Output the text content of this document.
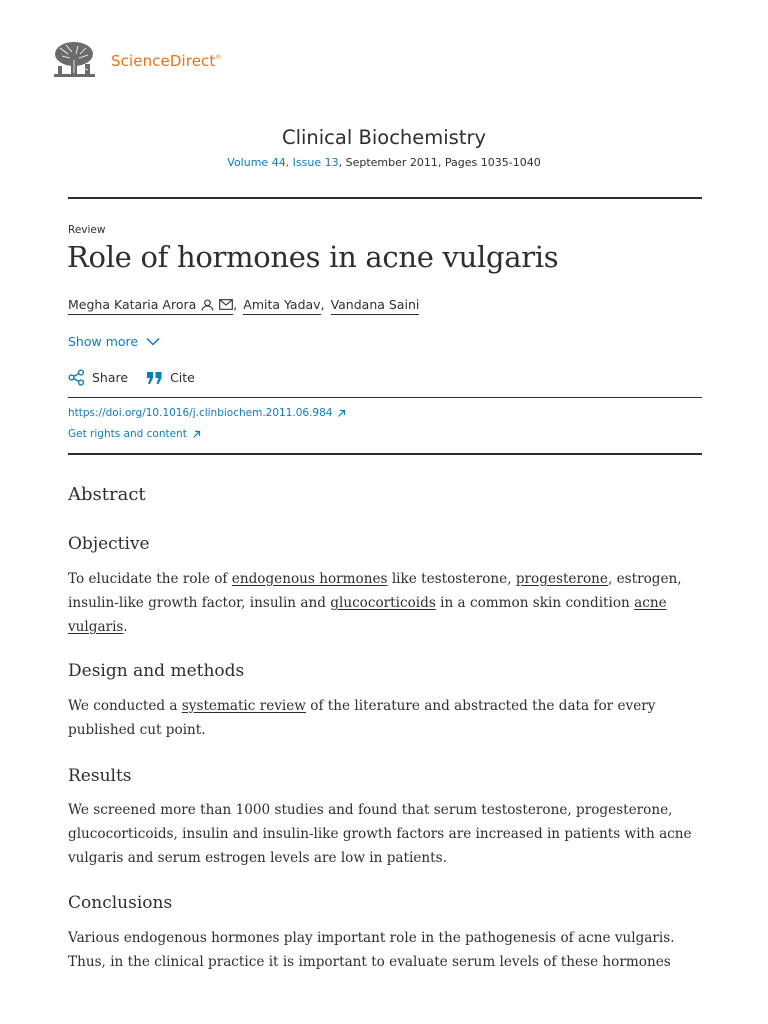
ScienceDirect®
Clinical Biochemistry
Volume 44, Issue 13, September 2011, Pages 1035-1040
Review
Role of hormones in acne vulgaris
Megha Kataria Arora	, Amita Yadav , Vandana Saini
Show more
Share	Cite
https://doi.org/10.1016/j.clinbiochem.2011.06.984
Get rights and content
Abstract
Objective

To elucidate the role of endogenous hormones like testosterone, progesterone, estrogen, insulin-like growth factor, insulin and glucocorticoids in a common skin condition acne vulgaris.

Design and methods

We conducted a systematic review of the literature and abstracted the data for every published cut point.

Results

We screened more than 1000 studies and found that serum testosterone, progesterone, glucocorticoids, insulin and insulin-like growth factors are increased in patients with acne vulgaris and serum estrogen levels are low in patients.

Conclusions

Various endogenous hormones play important role in the pathogenesis of acne vulgaris. Thus, in the clinical practice it is important to evaluate serum levels of these hormones
